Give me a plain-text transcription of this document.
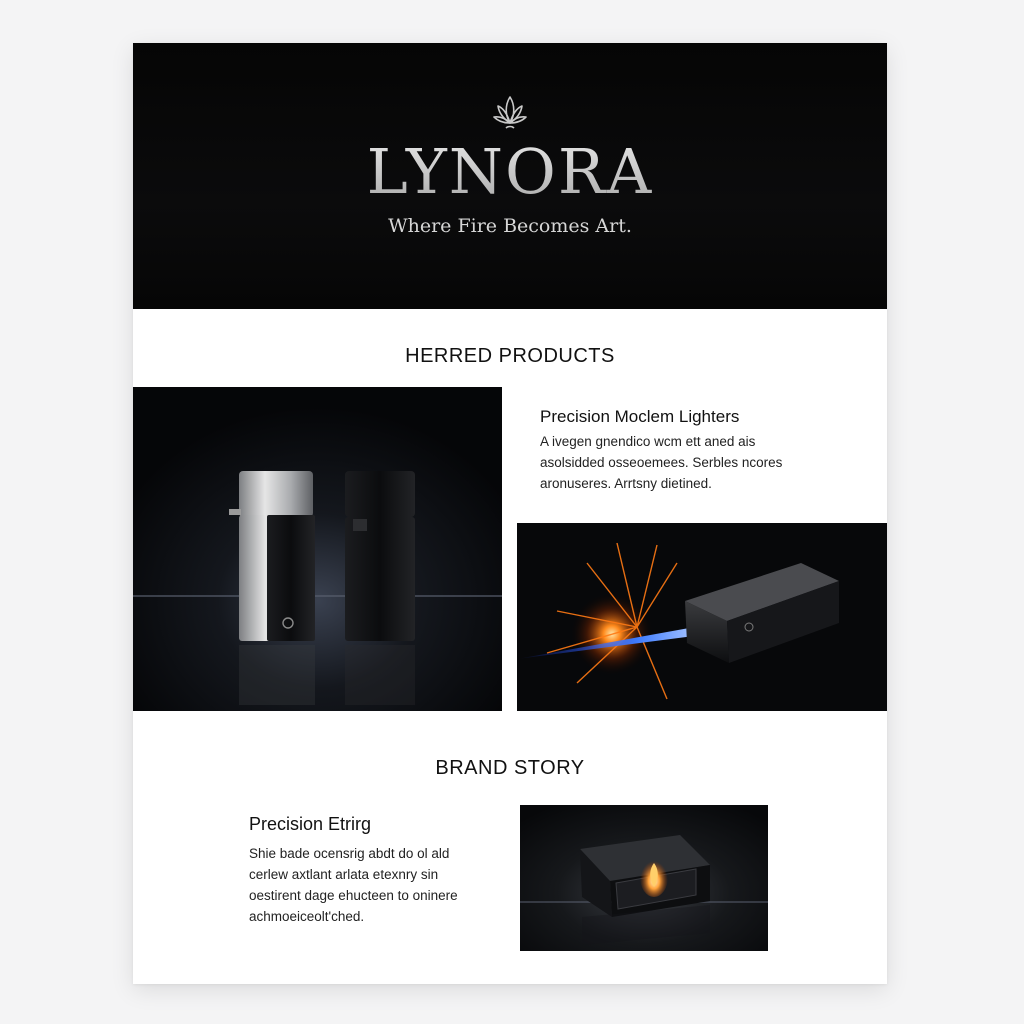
LYNORA
Where Fire Becomes Art.
HERRED PRODUCTS
Precision Moclem Lighters
A ivegen gnendico wcm ett aned ais asolsidded osseoemees. Serbles ncores aronuseres. Arrtsny dietined.
BRAND STORY
Precision Etrirg
Shie bade ocensrig abdt do ol ald cerlew axtlant arlata etexnry sin oestirent dage ehucteen to oninere achmoeiceolt'ched.
